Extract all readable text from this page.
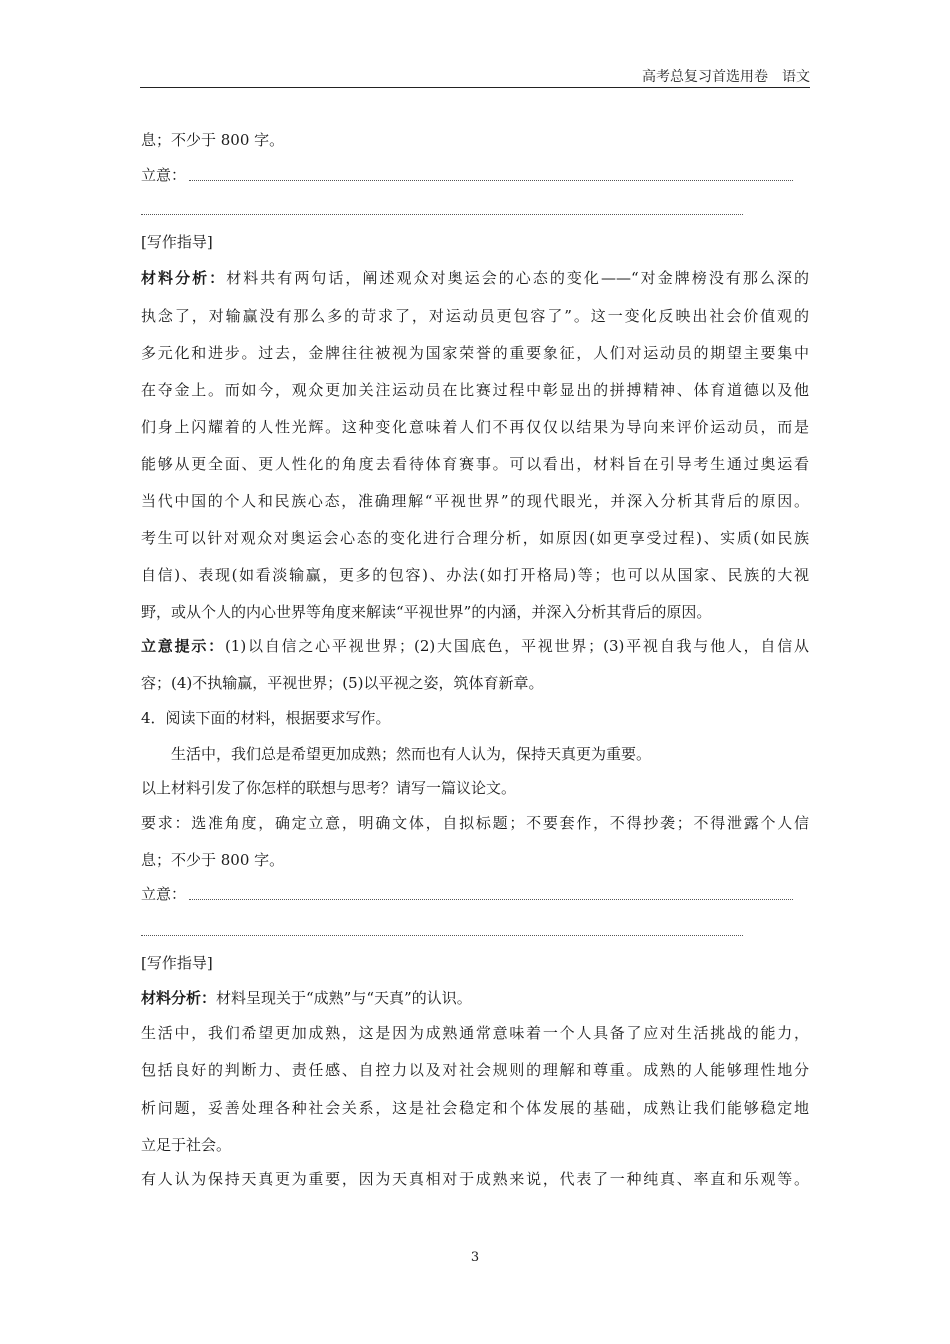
高考总复习首选用卷　语文
息；不少于 800 字。
立意：
[写作指导]
材料分析：材料共有两句话，阐述观众对奥运会的心态的变化——“对金牌榜没有那么深的
执念了，对输赢没有那么多的苛求了，对运动员更包容了”。这一变化反映出社会价值观的
多元化和进步。过去，金牌往往被视为国家荣誉的重要象征，人们对运动员的期望主要集中
在夺金上。而如今，观众更加关注运动员在比赛过程中彰显出的拼搏精神、体育道德以及他
们身上闪耀着的人性光辉。这种变化意味着人们不再仅仅以结果为导向来评价运动员，而是
能够从更全面、更人性化的角度去看待体育赛事。可以看出，材料旨在引导考生通过奥运看
当代中国的个人和民族心态，准确理解“平视世界”的现代眼光，并深入分析其背后的原因。
考生可以针对观众对奥运会心态的变化进行合理分析，如原因(如更享受过程)、实质(如民族
自信)、表现(如看淡输赢，更多的包容)、办法(如打开格局)等；也可以从国家、民族的大视
野，或从个人的内心世界等角度来解读“平视世界”的内涵，并深入分析其背后的原因。
立意提示：(1)以自信之心平视世界；(2)大国底色，平视世界；(3)平视自我与他人，自信从
容；(4)不执输赢，平视世界；(5)以平视之姿，筑体育新章。
4．阅读下面的材料，根据要求写作。
生活中，我们总是希望更加成熟；然而也有人认为，保持天真更为重要。
以上材料引发了你怎样的联想与思考？请写一篇议论文。
要求：选准角度，确定立意，明确文体，自拟标题；不要套作，不得抄袭；不得泄露个人信
息；不少于 800 字。
立意：
[写作指导]
材料分析：材料呈现关于“成熟”与“天真”的认识。
生活中，我们希望更加成熟，这是因为成熟通常意味着一个人具备了应对生活挑战的能力，
包括良好的判断力、责任感、自控力以及对社会规则的理解和尊重。成熟的人能够理性地分
析问题，妥善处理各种社会关系，这是社会稳定和个体发展的基础，成熟让我们能够稳定地
立足于社会。
有人认为保持天真更为重要，因为天真相对于成熟来说，代表了一种纯真、率直和乐观等。
3
